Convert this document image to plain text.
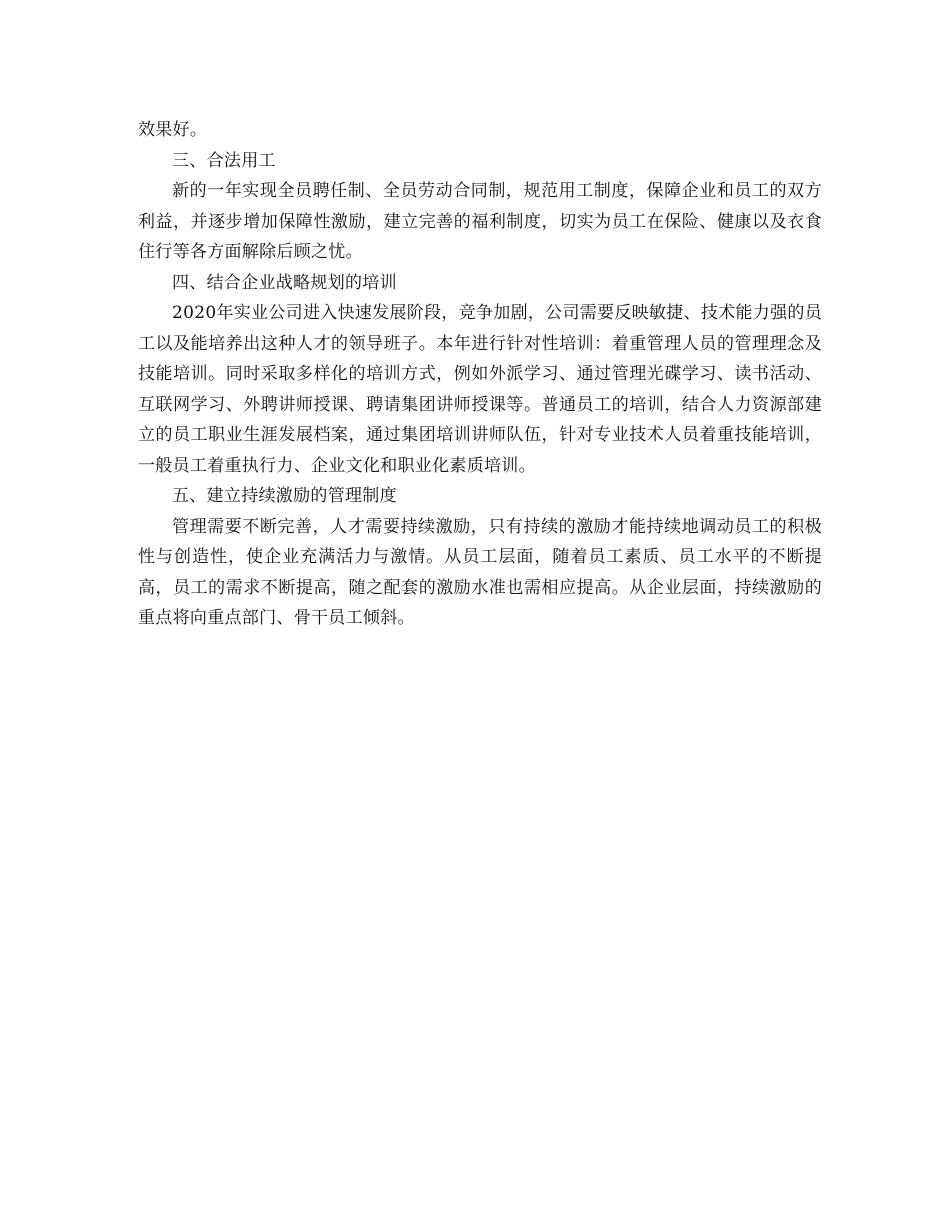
效果好。

三、合法用工

新的一年实现全员聘任制、全员劳动合同制，规范用工制度，保障企业和员工的双方利益，并逐步增加保障性激励，建立完善的福利制度，切实为员工在保险、健康以及衣食住行等各方面解除后顾之忧。

四、结合企业战略规划的培训

2020年实业公司进入快速发展阶段，竞争加剧，公司需要反映敏捷、技术能力强的员工以及能培养出这种人才的领导班子。本年进行针对性培训：着重管理人员的管理理念及技能培训。同时采取多样化的培训方式，例如外派学习、通过管理光碟学习、读书活动、互联网学习、外聘讲师授课、聘请集团讲师授课等。普通员工的培训，结合人力资源部建立的员工职业生涯发展档案，通过集团培训讲师队伍，针对专业技术人员着重技能培训，一般员工着重执行力、企业文化和职业化素质培训。

五、建立持续激励的管理制度

管理需要不断完善，人才需要持续激励，只有持续的激励才能持续地调动员工的积极性与创造性，使企业充满活力与激情。从员工层面，随着员工素质、员工水平的不断提高，员工的需求不断提高，随之配套的激励水准也需相应提高。从企业层面，持续激励的重点将向重点部门、骨干员工倾斜。
